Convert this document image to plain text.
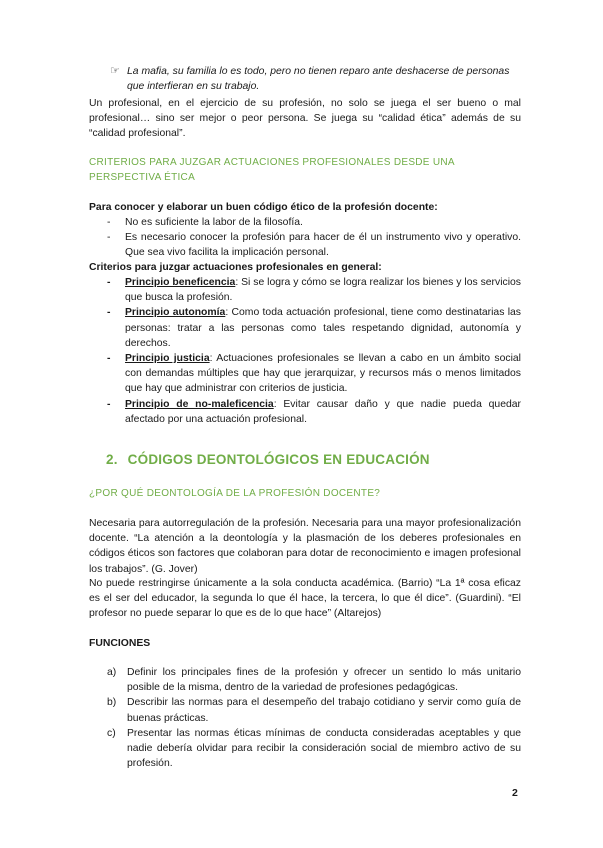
☞ La mafia, su familia lo es todo, pero no tienen reparo ante deshacerse de personas que interfieran en su trabajo.

Un profesional, en el ejercicio de su profesión, no solo se juega el ser bueno o mal profesional… sino ser mejor o peor persona. Se juega su “calidad ética” además de su “calidad profesional”.

CRITERIOS PARA JUZGAR ACTUACIONES PROFESIONALES DESDE UNA PERSPECTIVA ÉTICA
Para conocer y elaborar un buen código ético de la profesión docente:
- No es suficiente la labor de la filosofía.
- Es necesario conocer la profesión para hacer de él un instrumento vivo y operativo. Que sea vivo facilita la implicación personal.
Criterios para juzgar actuaciones profesionales en general:
- Principio beneficencia: Si se logra y cómo se logra realizar los bienes y los servicios que busca la profesión.
- Principio autonomía: Como toda actuación profesional, tiene como destinatarias las personas: tratar a las personas como tales respetando dignidad, autonomía y derechos.
- Principio justicia: Actuaciones profesionales se llevan a cabo en un ámbito social con demandas múltiples que hay que jerarquizar, y recursos más o menos limitados que hay que administrar con criterios de justicia.
- Principio de no-maleficencia: Evitar causar daño y que nadie pueda quedar afectado por una actuación profesional.
2. CÓDIGOS DEONTOLÓGICOS EN EDUCACIÓN
¿POR QUÉ DEONTOLOGÍA DE LA PROFESIÓN DOCENTE?

Necesaria para autorregulación de la profesión. Necesaria para una mayor profesionalización docente. “La atención a la deontología y la plasmación de los deberes profesionales en códigos éticos son factores que colaboran para dotar de reconocimiento e imagen profesional los trabajos”. (G. Jover)

No puede restringirse únicamente a la sola conducta académica. (Barrio) “La 1ª cosa eficaz es el ser del educador, la segunda lo que él hace, la tercera, lo que él dice”. (Guardini). “El profesor no puede separar lo que es de lo que hace” (Altarejos)

FUNCIONES
a) Definir los principales fines de la profesión y ofrecer un sentido lo más unitario posible de la misma, dentro de la variedad de profesiones pedagógicas.
b) Describir las normas para el desempeño del trabajo cotidiano y servir como guía de buenas prácticas.
c) Presentar las normas éticas mínimas de conducta consideradas aceptables y que nadie debería olvidar para recibir la consideración social de miembro activo de su profesión.
2
